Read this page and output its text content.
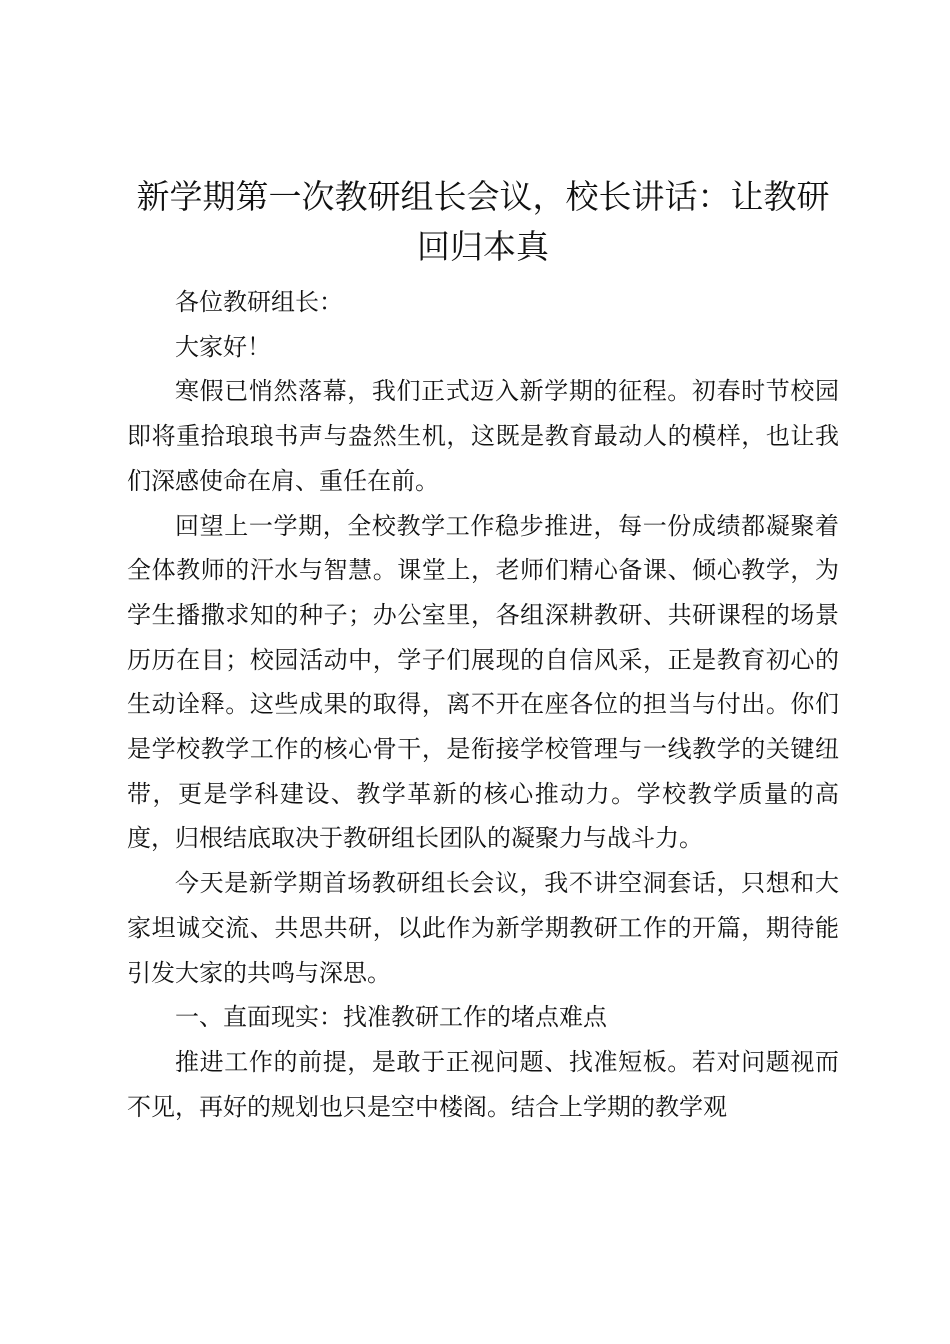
新学期第一次教研组长会议，校长讲话：让教研回归本真

各位教研组长：

大家好！

寒假已悄然落幕，我们正式迈入新学期的征程。初春时节校园即将重拾琅琅书声与盎然生机，这既是教育最动人的模样，也让我们深感使命在肩、重任在前。

回望上一学期，全校教学工作稳步推进，每一份成绩都凝聚着全体教师的汗水与智慧。课堂上，老师们精心备课、倾心教学，为学生播撒求知的种子；办公室里，各组深耕教研、共研课程的场景历历在目；校园活动中，学子们展现的自信风采，正是教育初心的生动诠释。这些成果的取得，离不开在座各位的担当与付出。你们是学校教学工作的核心骨干，是衔接学校管理与一线教学的关键纽带，更是学科建设、教学革新的核心推动力。学校教学质量的高度，归根结底取决于教研组长团队的凝聚力与战斗力。

今天是新学期首场教研组长会议，我不讲空洞套话，只想和大家坦诚交流、共思共研，以此作为新学期教研工作的开篇，期待能引发大家的共鸣与深思。

一、直面现实：找准教研工作的堵点难点

推进工作的前提，是敢于正视问题、找准短板。若对问题视而不见，再好的规划也只是空中楼阁。结合上学期的教学观
